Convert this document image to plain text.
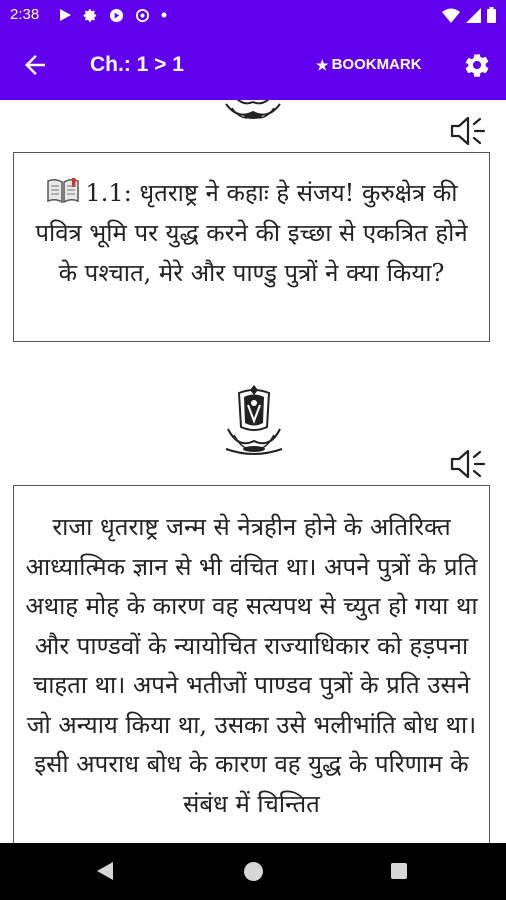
2:38
Ch.: 1 > 1	★ BOOKMARK
1.1: धृतराष्ट्र ने कहाः हे संजय! कुरुक्षेत्र की पवित्र भूमि पर युद्ध करने की इच्छा से एकत्रित होने के पश्चात, मेरे और पाण्डु पुत्रों ने क्या किया?
राजा धृतराष्ट्र जन्म से नेत्रहीन होने के अतिरिक्त आध्यात्मिक ज्ञान से भी वंचित था। अपने पुत्रों के प्रति अथाह मोह के कारण वह सत्यपथ से च्युत हो गया था और पाण्डवों के न्यायोचित राज्याधिकार को हड़पना चाहता था। अपने भतीजों पाण्डव पुत्रों के प्रति उसने जो अन्याय किया था, उसका उसे भलीभांति बोध था। इसी अपराध बोध के कारण वह युद्ध के परिणाम के संबंध में चिन्तित
